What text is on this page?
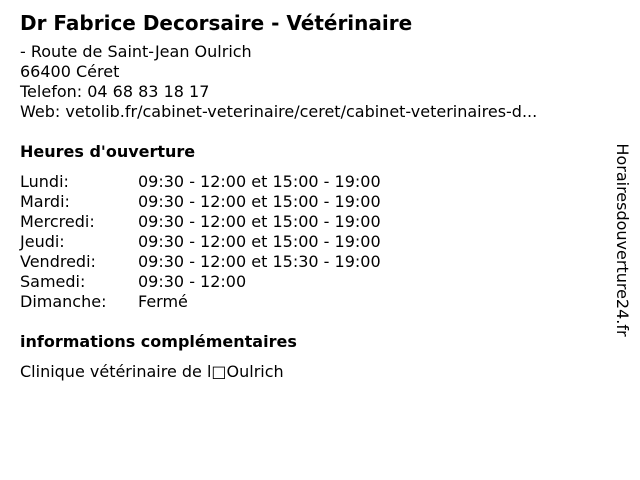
Dr Fabrice Decorsaire - Vétérinaire
- Route de Saint-Jean Oulrich
66400 Céret
Telefon: 04 68 83 18 17
Web: vetolib.fr/cabinet-veterinaire/ceret/cabinet-veterinaires-d...
Heures d'ouverture
Lundi:	09:30 - 12:00 et 15:00 - 19:00
Mardi:	09:30 - 12:00 et 15:00 - 19:00
Mercredi:	09:30 - 12:00 et 15:00 - 19:00
Jeudi:	09:30 - 12:00 et 15:00 - 19:00
Vendredi:	09:30 - 12:00 et 15:30 - 19:00
Samedi:	09:30 - 12:00
Dimanche:	Fermé
informations complémentaires
Clinique vétérinaire de l□Oulrich
Horairesdouverture24.fr
